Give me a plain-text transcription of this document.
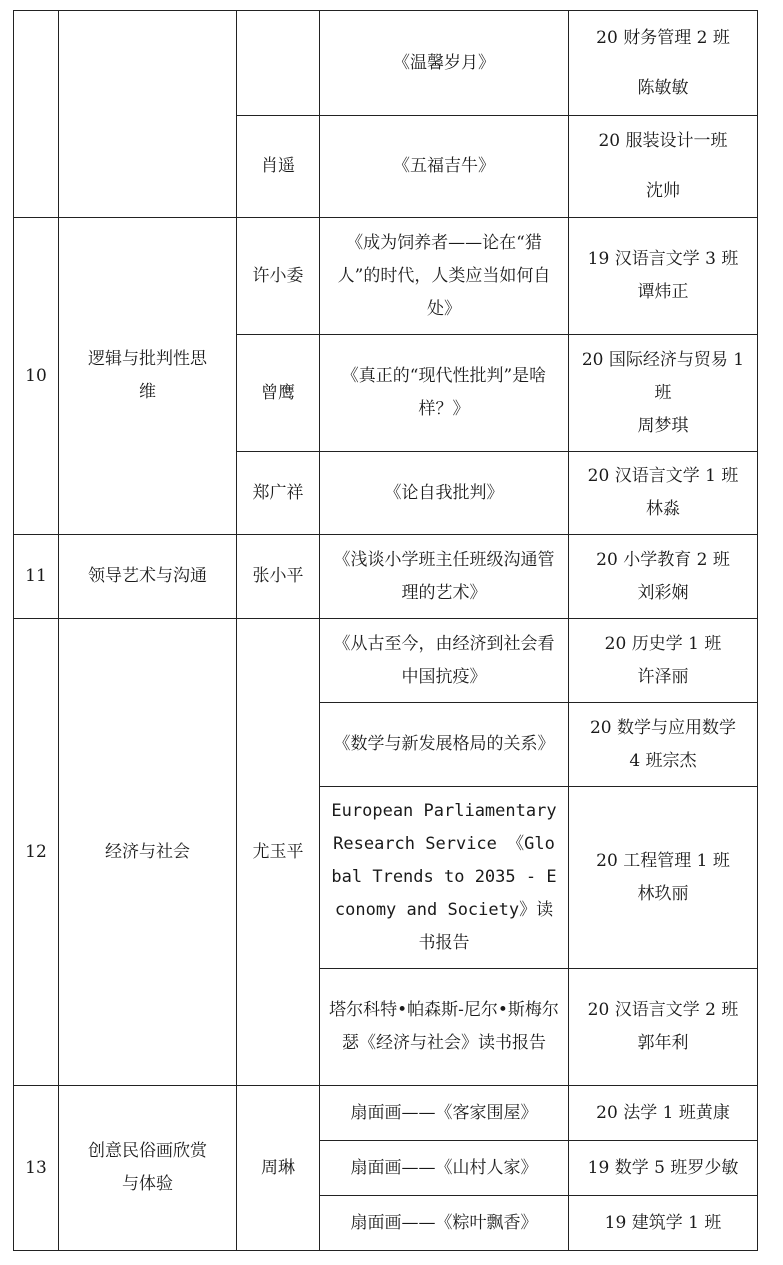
			《温馨岁月》	20 财务管理 2 班
陈敏敏

		肖遥	《五福吉牛》	20 服装设计一班
沈帅

10	逻辑与批判性思维	许小委	《成为饲养者——论在“猎人”的时代，人类应当如何自处》	19 汉语言文学 3 班
谭炜正

		曾鹰	《真正的“现代性批判”是啥样？》	20 国际经济与贸易 1 班
周梦琪

		郑广祥	《论自我批判》	20 汉语言文学 1 班
林淼

11	领导艺术与沟通	张小平	《浅谈小学班主任班级沟通管理的艺术》	20 小学教育 2 班
刘彩娴

12	经济与社会	尤玉平	《从古至今，由经济到社会看中国抗疫》	20 历史学 1 班
许泽丽

			《数学与新发展格局的关系》	20 数学与应用数学 4 班宗杰
			European Parliamentary Research Service 《Global Trends to 2035 - Economy and Society》读书报告	20 工程管理 1 班
林玖丽

			塔尔科特•帕森斯-尼尔•斯梅尔瑟《经济与社会》读书报告	20 汉语言文学 2 班
郭年利

13	创意民俗画欣赏与体验	周琳	扇面画——《客家围屋》	20 法学 1 班黄康
			扇面画——《山村人家》	19 数学 5 班罗少敏
			扇面画——《粽叶飘香》	19 建筑学 1 班
